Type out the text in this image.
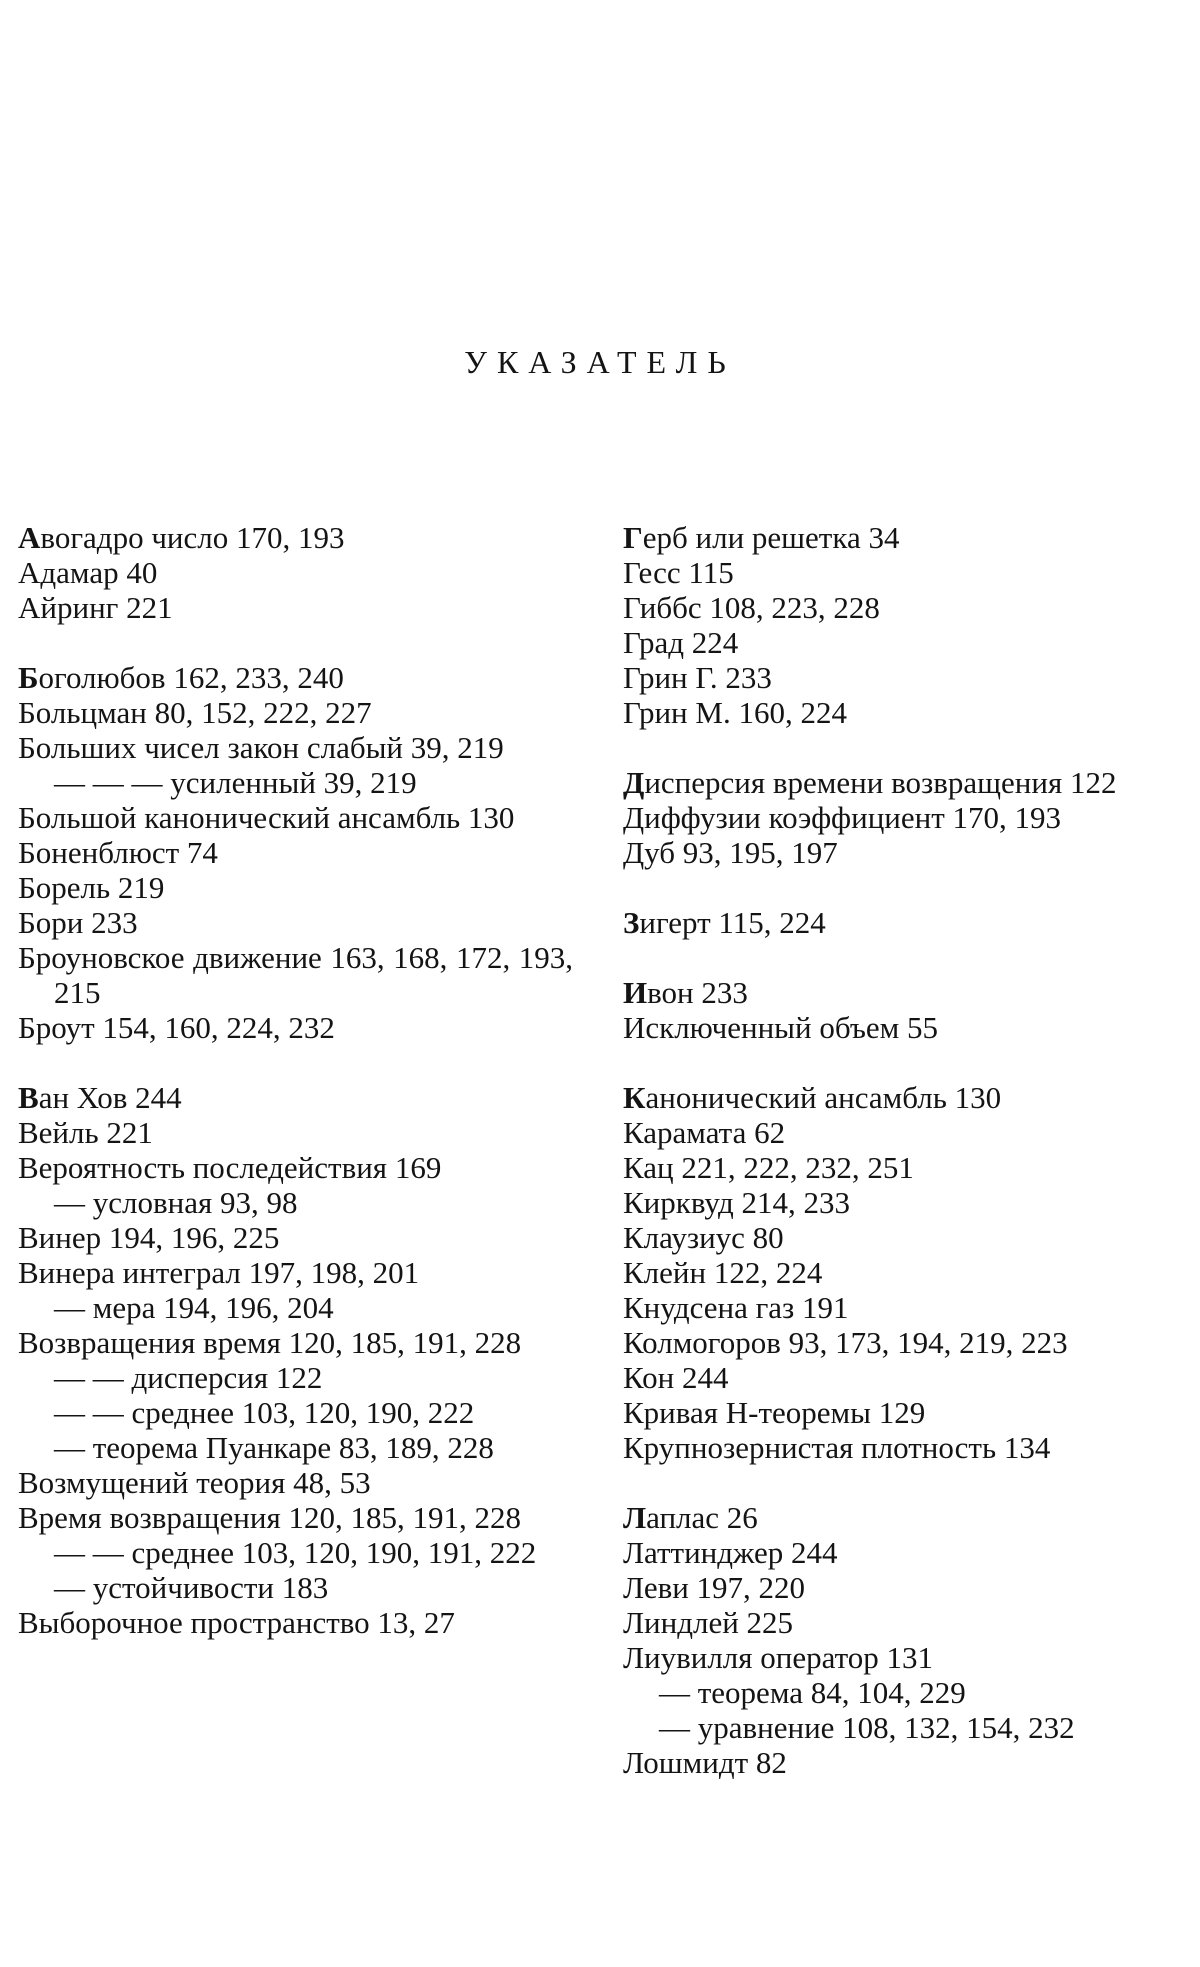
УКАЗАТЕЛЬ
Авогадро число 170, 193
Адамар 40
Айринг 221
Боголюбов 162, 233, 240
Больцман 80, 152, 222, 227
Больших чисел закон слабый 39, 219
— — — усиленный 39, 219
Большой канонический ансамбль 130
Боненблюст 74
Борель 219
Бори 233
Броуновское движение 163, 168, 172, 193, 215
Броут 154, 160, 224, 232
Ван Хов 244
Вейль 221
Вероятность последействия 169
— условная 93, 98
Винер 194, 196, 225
Винера интеграл 197, 198, 201
— мера 194, 196, 204
Возвращения время 120, 185, 191, 228
— — дисперсия 122
— — среднее 103, 120, 190, 222
— теорема Пуанкаре 83, 189, 228
Возмущений теория 48, 53
Время возвращения 120, 185, 191, 228
— — среднее 103, 120, 190, 191, 222
— устойчивости 183
Выборочное пространство 13, 27
Герб или решетка 34
Гесс 115
Гиббс 108, 223, 228
Град 224
Грин Г. 233
Грин М. 160, 224
Дисперсия времени возвращения 122
Диффузии коэффициент 170, 193
Дуб 93, 195, 197
Зигерт 115, 224
Ивон 233
Исключенный объем 55
Канонический ансамбль 130
Карамата 62
Кац 221, 222, 232, 251
Кирквуд 214, 233
Клаузиус 80
Клейн 122, 224
Кнудсена газ 191
Колмогоров 93, 173, 194, 219, 223
Кон 244
Кривая H-теоремы 129
Крупнозернистая плотность 134
Лаплас 26
Латтинджер 244
Леви 197, 220
Линдлей 225
Лиувилля оператор 131
— теорема 84, 104, 229
— уравнение 108, 132, 154, 232
Лошмидт 82
